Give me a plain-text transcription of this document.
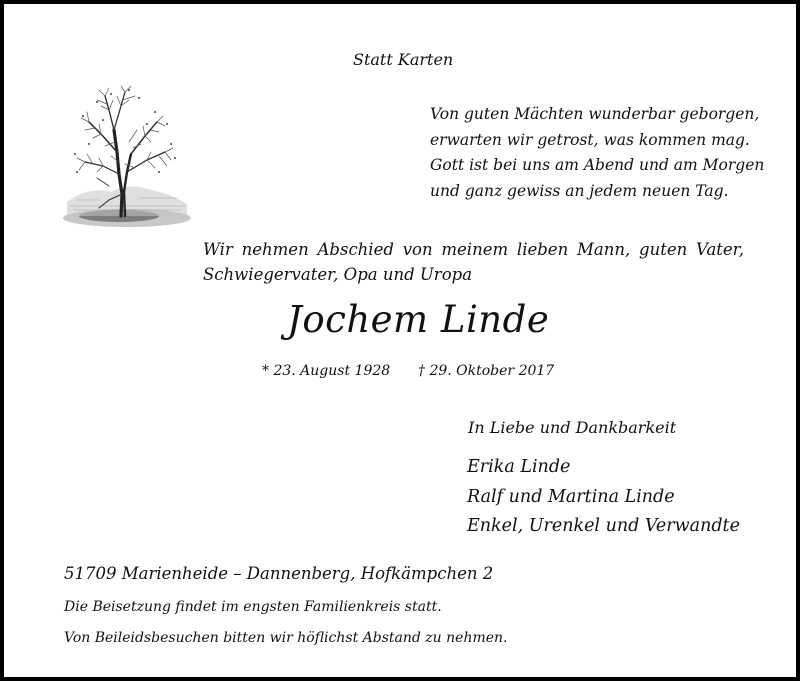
Statt Karten
Von guten Mächten wunderbar geborgen,
erwarten wir getrost, was kommen mag.
Gott ist bei uns am Abend und am Morgen
und ganz gewiss an jedem neuen Tag.
Wir nehmen Abschied von meinem lieben Mann, guten Vater,
Schwiegervater, Opa und Uropa
Jochem Linde
* 23. August 1928 † 29. Oktober 2017
In Liebe und Dankbarkeit
Erika Linde
Ralf und Martina Linde
Enkel, Urenkel und Verwandte
51709 Marienheide – Dannenberg, Hofkämpchen 2
Die Beisetzung findet im engsten Familienkreis statt.
Von Beileidsbesuchen bitten wir höflichst Abstand zu nehmen.
